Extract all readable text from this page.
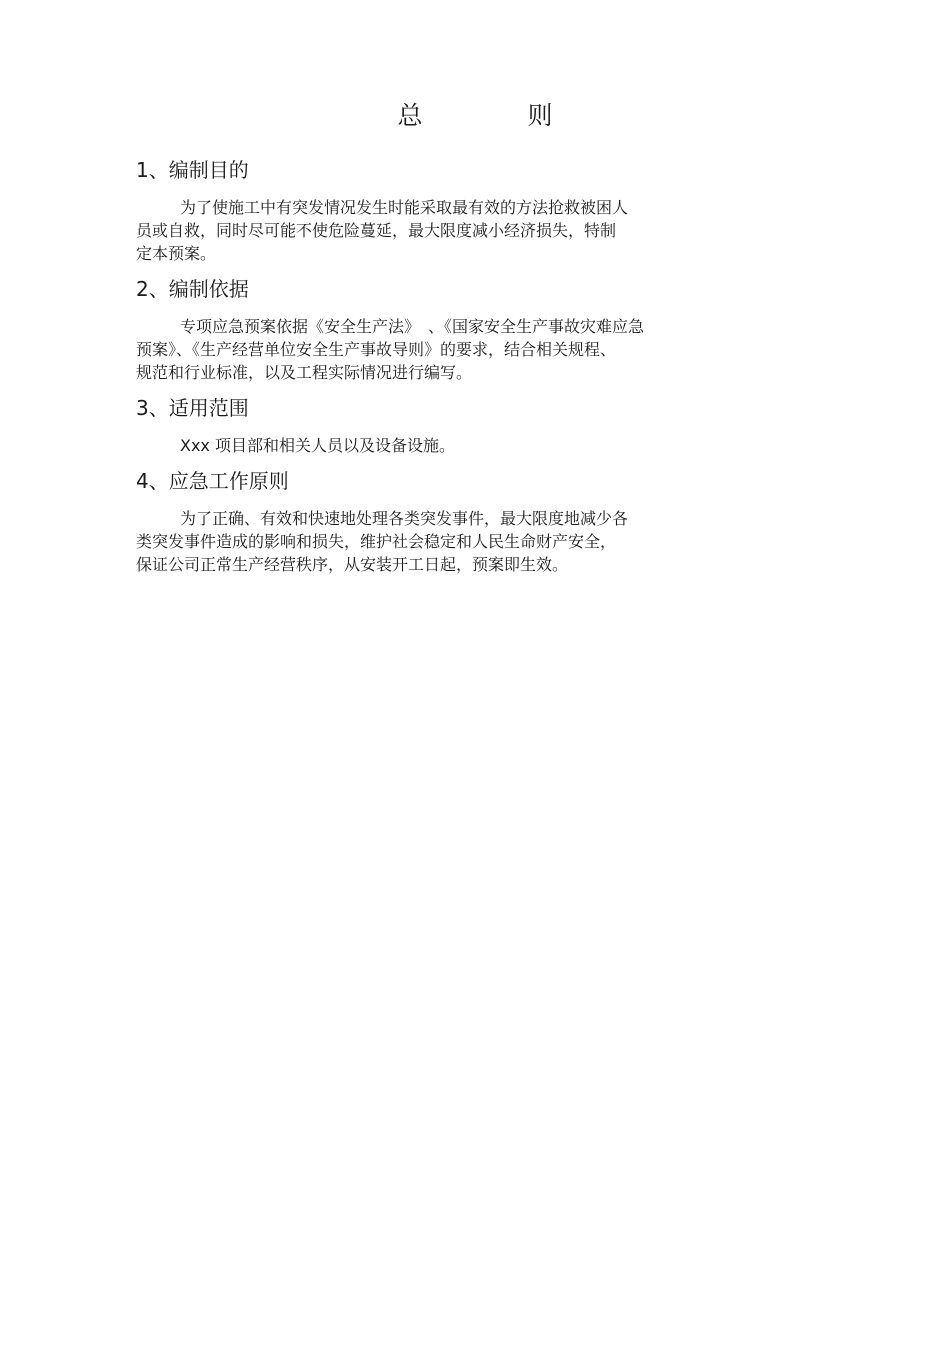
总　则
1、编制目的
为了使施工中有突发情况发生时能采取最有效的方法抢救被困人
员或自救，同时尽可能不使危险蔓延，最大限度减小经济损失，特制
定本预案。
2、编制依据
专项应急预案依据《安全生产法》　、《国家安全生产事故灾难应急
预案》、《生产经营单位安全生产事故导则》的要求，结合相关规程、
规范和行业标准，以及工程实际情况进行编写。
3、适用范围
Xxx 项目部和相关人员以及设备设施。
4、应急工作原则
为了正确、有效和快速地处理各类突发事件，最大限度地减少各
类突发事件造成的影响和损失，维护社会稳定和人民生命财产安全，
保证公司正常生产经营秩序，从安装开工日起，预案即生效。
